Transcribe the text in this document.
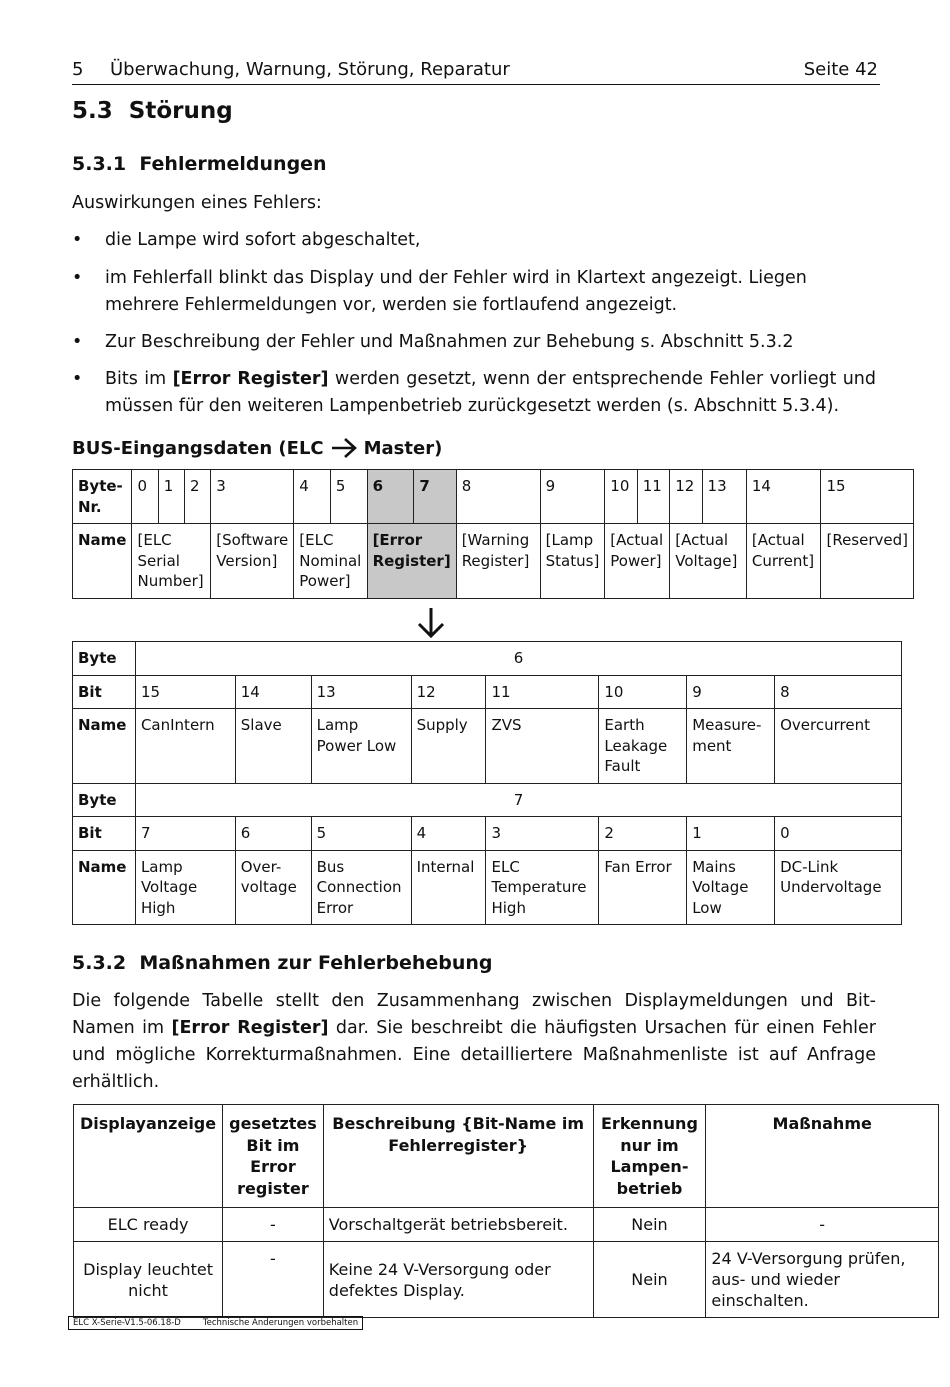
5 Überwachung, Warnung, Störung, Reparatur	Seite 42
5.3  Störung
5.3.1  Fehlermeldungen

Auswirkungen eines Fehlers:

• die Lampe wird sofort abgeschaltet,
• im Fehlerfall blinkt das Display und der Fehler wird in Klartext angezeigt. Liegen mehrere Fehlermeldungen vor, werden sie fortlaufend angezeigt.
• Zur Beschreibung der Fehler und Maßnahmen zur Behebung s. Abschnitt 5.3.2
• Bits im [Error Register] werden gesetzt, wenn der entsprechende Fehler vorliegt und müssen für den weiteren Lampenbetrieb zurückgesetzt werden (s. Abschnitt 5.3.4).
BUS-Eingangsdaten (ELC Master)
Byte-
Nr.	0	1	2	3	4	5	6	7	8	9	10	11	12	13	14	15
Name	[ELC Serial Number]			[Software Version]	[ELC Nominal Power]		[Error Register]		[Warning Register]	[Lamp Status]	[Actual Power]		[Actual Voltage]		[Actual Current]	[Reserved]
Byte	6							
Bit	15	14	13	12	11	10	9	8
Name	CanIntern	Slave	Lamp Power Low	Supply	ZVS	Earth Leakage Fault	Measure-ment	Overcurrent
Byte	7							
Bit	7	6	5	4	3	2	1	0
Name	Lamp Voltage High	Over-voltage	Bus Connection Error	Internal	ELC Temperature High	Fan Error	Mains Voltage Low	DC-Link Undervoltage
5.3.2  Maßnahmen zur Fehlerbehebung

Die folgende Tabelle stellt den Zusammenhang zwischen Displaymeldungen und Bit-Namen im [Error Register] dar. Sie beschreibt die häufigsten Ursachen für einen Fehler und mögliche Korrekturmaßnahmen. Eine detailliertere Maßnahmenliste ist auf Anfrage erhältlich.

Displayanzeige	gesetztes Bit im Error register	Beschreibung {Bit-Name im Fehlerregister}	Erkennung nur im Lampen-betrieb	Maßnahme
ELC ready	-	Vorschaltgerät betriebsbereit.	Nein	-
Display leuchtet nicht	-	Keine 24 V-Versorgung oder defektes Display.	Nein	24 V-Versorgung prüfen, aus- und wieder einschalten.
ELC X-Serie-V1.5-06.18-D	Technische Änderungen vorbehalten
